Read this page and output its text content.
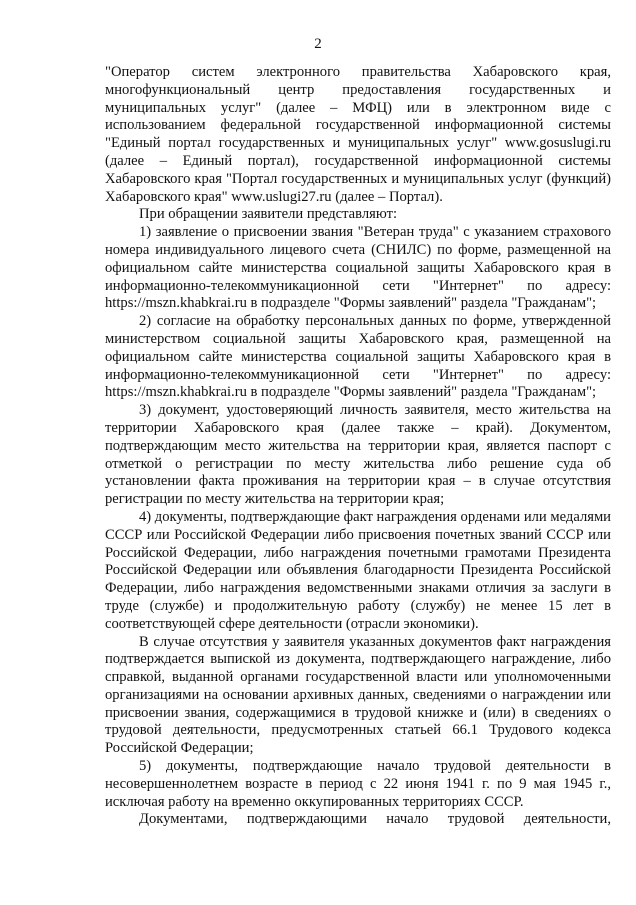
2

"Оператор систем электронного правительства Хабаровского края, многофункциональный центр предоставления государственных и муниципальных услуг" (далее – МФЦ) или в электронном виде с использованием федеральной государственной информационной системы "Единый портал государственных и муниципальных услуг" www.gosuslugi.ru (далее – Единый портал), государственной информационной системы Хабаровского края "Портал государственных и муниципальных услуг (функций) Хабаровского края" www.uslugi27.ru (далее – Портал).

При обращении заявители представляют:

1) заявление о присвоении звания "Ветеран труда" с указанием страхового номера индивидуального лицевого счета (СНИЛС) по форме, размещенной на официальном сайте министерства социальной защиты Хабаровского края в информационно-телекоммуникационной сети "Интернет" по адресу: https://mszn.khabkrai.ru в подразделе "Формы заявлений" раздела "Гражданам";

2) согласие на обработку персональных данных по форме, утвержденной министерством социальной защиты Хабаровского края, размещенной на официальном сайте министерства социальной защиты Хабаровского края в информационно-телекоммуникационной сети "Интернет" по адресу: https://mszn.khabkrai.ru в подразделе "Формы заявлений" раздела "Гражданам";

3) документ, удостоверяющий личность заявителя, место жительства на территории Хабаровского края (далее также – край). Документом, подтверждающим место жительства на территории края, является паспорт с отметкой о регистрации по месту жительства либо решение суда об установлении факта проживания на территории края – в случае отсутствия регистрации по месту жительства на территории края;

4) документы, подтверждающие факт награждения орденами или медалями СССР или Российской Федерации либо присвоения почетных званий СССР или Российской Федерации, либо награждения почетными грамотами Президента Российской Федерации или объявления благодарности Президента Российской Федерации, либо награждения ведомственными знаками отличия за заслуги в труде (службе) и продолжительную работу (службу) не менее 15 лет в соответствующей сфере деятельности (отрасли экономики).

В случае отсутствия у заявителя указанных документов факт награждения подтверждается выпиской из документа, подтверждающего награждение, либо справкой, выданной органами государственной власти или уполномоченными организациями на основании архивных данных, сведениями о награждении или присвоении звания, содержащимися в трудовой книжке и (или) в сведениях о трудовой деятельности, предусмотренных статьей 66.1 Трудового кодекса Российской Федерации;

5) документы, подтверждающие начало трудовой деятельности в несовершеннолетнем возрасте в период с 22 июня 1941 г. по 9 мая 1945 г., исключая работу на временно оккупированных территориях СССР.

Документами, подтверждающими начало трудовой деятельности,
